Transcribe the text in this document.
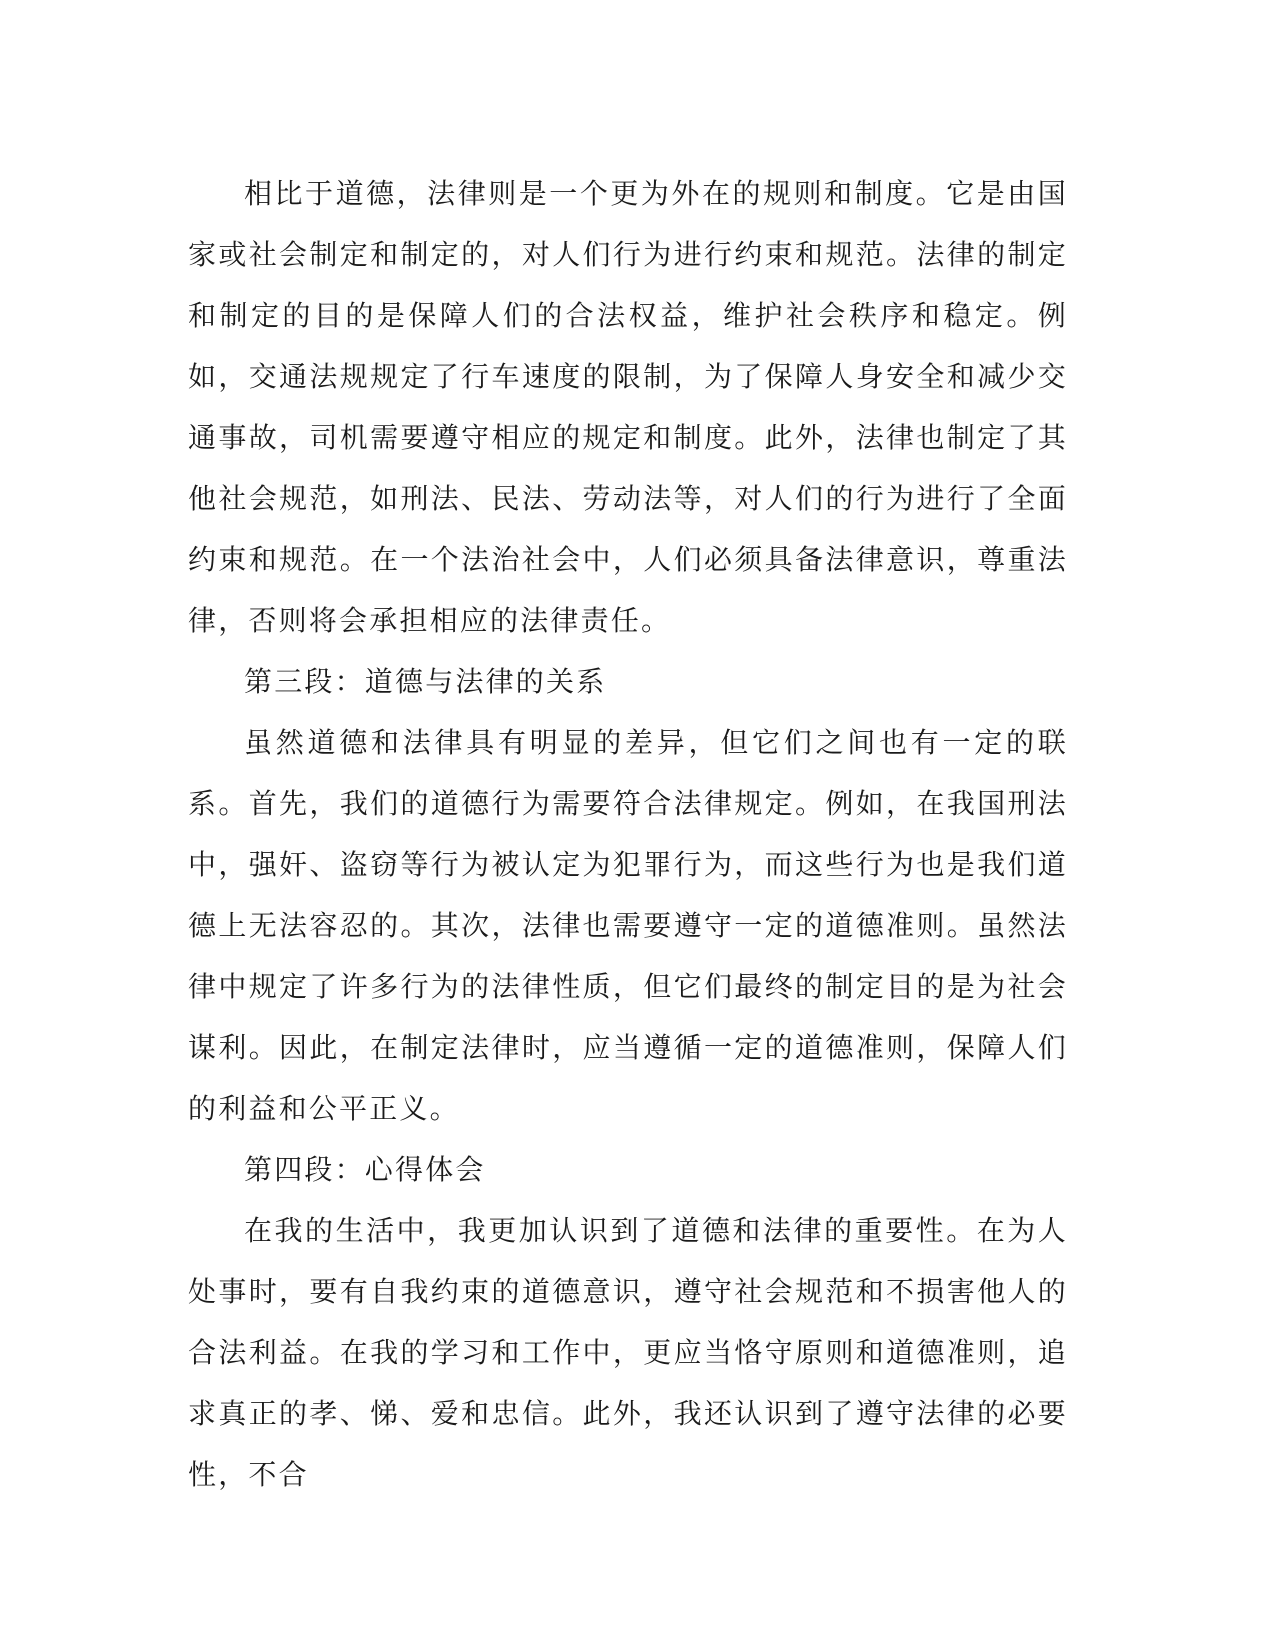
相比于道德，法律则是一个更为外在的规则和制度。它是由国家或社会制定和制定的，对人们行为进行约束和规范。法律的制定和制定的目的是保障人们的合法权益，维护社会秩序和稳定。例如，交通法规规定了行车速度的限制，为了保障人身安全和减少交通事故，司机需要遵守相应的规定和制度。此外，法律也制定了其他社会规范，如刑法、民法、劳动法等，对人们的行为进行了全面约束和规范。在一个法治社会中，人们必须具备法律意识，尊重法律，否则将会承担相应的法律责任。

第三段：道德与法律的关系

虽然道德和法律具有明显的差异，但它们之间也有一定的联系。首先，我们的道德行为需要符合法律规定。例如，在我国刑法中，强奸、盗窃等行为被认定为犯罪行为，而这些行为也是我们道德上无法容忍的。其次，法律也需要遵守一定的道德准则。虽然法律中规定了许多行为的法律性质，但它们最终的制定目的是为社会谋利。因此，在制定法律时，应当遵循一定的道德准则，保障人们的利益和公平正义。

第四段：心得体会

在我的生活中，我更加认识到了道德和法律的重要性。在为人处事时，要有自我约束的道德意识，遵守社会规范和不损害他人的合法利益。在我的学习和工作中，更应当恪守原则和道德准则，追求真正的孝、悌、爱和忠信。此外，我还认识到了遵守法律的必要性，不合
